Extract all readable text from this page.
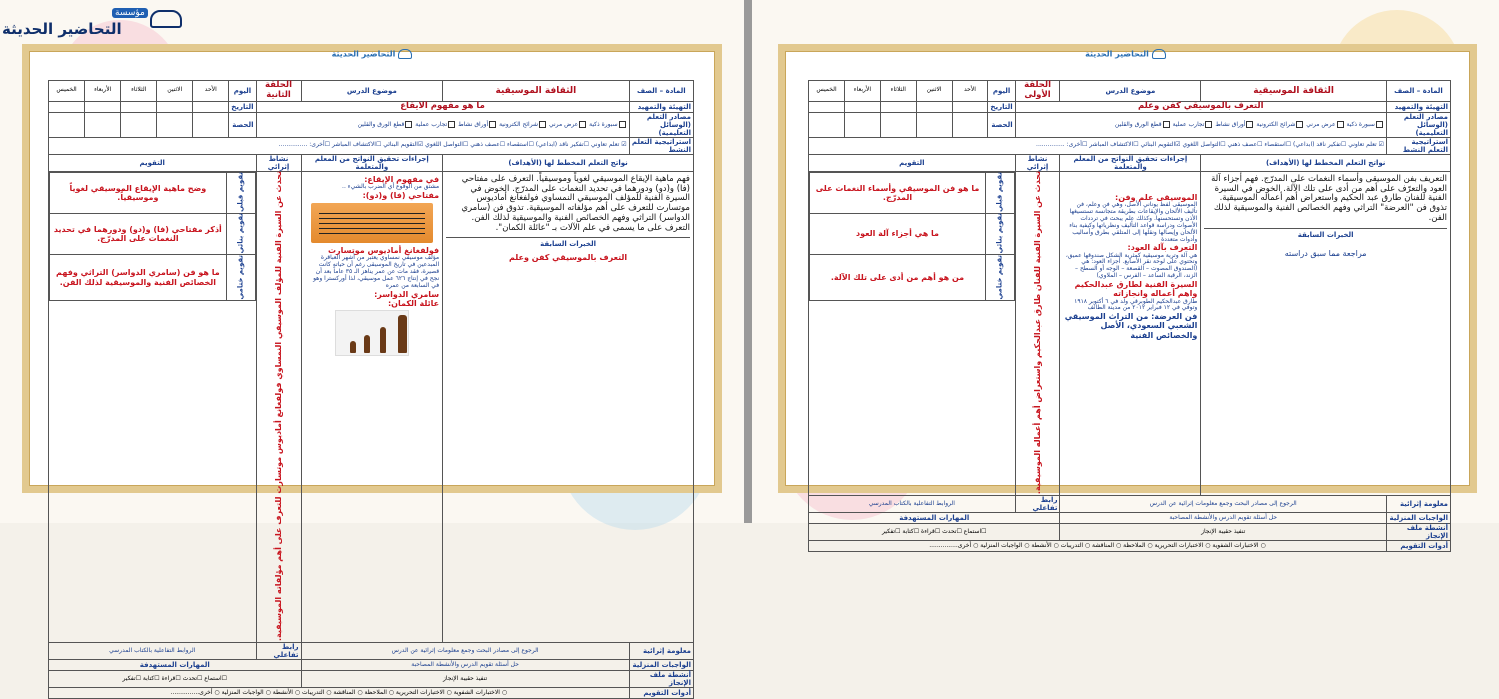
التحاضير الحديثة
مؤسسة
التحاضير الحديثة
المادة – الصف	الثقافة الموسيقية	موضوع الدرس	الحلقة الثانية	اليوم	الأحد	الاثنين	الثلاثاء	الأربعاء	الخميس
التهيئة والتمهيد	ما هو مفهوم الايقاع	التاريخ					
مصادر التعلم (الوسائل التعليمية)	سبورة ذكية عرض مرني شرائح الكترونية أوراق نشاط تجارب عملية قطع الورق والقلين	الحصة					
استراتيجية التعلم النشط	☑ تعلم تعاوني ☐تفكير ناقد (ابداعي) ☐استقصاء ☐عصف ذهني ☐التواصل اللغوي ☑التقويم البنائي ☐الاكتشاف المباشر ☐أخرى: ...............
نواتج التعلم المخطط لها (الأهداف)	إجراءات تحقيق النواتج من المعلم والمتعلمة	نشاط إثرائي	التقويم

فهم ماهية الإيقاع الموسيقي لغوياً وموسيقياً. التعرف على مفتاحي (فا) و(دو) ودورهما في تحديد النغمات على المدرّج. الخوض في السيرة الفنية للمؤلف الموسيقي النمساوي فولفغانغ أماديوس موتسارت للتعرف على أهم مؤلفاته الموسيقية. تذوق فن (سامري الدواسر) التراثي وفهم الخصائص الفنية والموسيقية لذلك الفن. التعرف على ما يسمى في علم الآلات بـ "عائلة الكمان".
الخبرات السابقة
التعرف بالموسيقي كفن وعلم

في مفهوم الإيقاع:
مشتق من الوقوع أي الضرب بالشيء ..
مفتاحي (فا) و(دو):
فولفغانغ أماديوس موتسارت
مؤلف موسيقي نمساوي يعتبر من أشهر العباقرة المبدعين في تاريخ الموسيقى رغم أن حياته كانت قصيرة، فقد مات عن عمر يناهز الـ ٣٥ عاماً بعد أن نجح في إنتاج ٦٢٦ عمل موسيقي، لذا أوركسترا وهو في السابعة من عمره
سامري الدواسر:
عائلة الكمان:
	تحدث عن السيرة الفنية للمؤلف الموسيقي النمساوي فولفغانغ أماديوس موتسارت للتعرف على أهم مؤلفاته الموسيقية.	
تقويم قبلي	وضح ماهية الإيقاع الموسيقي لغوياً وموسيقياً.
تقويم بنائي	أذكر مفتاحي (فا) و(دو) ودورهما في تحديد النغمات على المدرّج.
تقويم ختامي	ما هو فن (سامري الدواسر) التراثي وفهم الخصائص الفنية والموسيقية لذلك الفن.

معلومة إثرائية	الرجوع إلى مصادر البحث وجمع معلومات إثرائية عن الدرس	رابط تفاعلي	الروابط التفاعلية بالكتاب المدرسي
الواجبات المنزلية	حل أسئلة تقويم الدرس والأنشطة المصاحبة	المهارات المستهدفة
أنشطة ملف الإنجاز	تنفيذ حقيبة الإنجاز	☐استماع ☐تحدث ☐قراءة ☐كتابة ☐تفكير
أدوات التقويم	○ الاختبارات الشفوية ○ الاختبارات التحريرية ○ الملاحظة ○ المناقشة ○ التدريبات ○ الأنشطة ○ الواجبات المنزلية ○ أخرى...............
التحاضير الحديثة
المادة – الصف	الثقافة الموسيقية	موضوع الدرس	الحلقة الأولى	اليوم	الأحد	الاثنين	الثلاثاء	الأربعاء	الخميس
التهيئة والتمهيد	التعرف بالموسيقي كفن وعلم	التاريخ					
مصادر التعلم (الوسائل التعليمية)	سبورة ذكية عرض مرني شرائح الكترونية أوراق نشاط تجارب عملية قطع الورق والقلين	الحصة					
استراتيجية التعلم النشط	☑ تعلم تعاوني ☐تفكير ناقد (ابداعي) ☐استقصاء ☐عصف ذهني ☐التواصل اللغوي ☑التقويم البنائي ☐الاكتشاف المباشر ☐أخرى: ...............
نواتج التعلم المخطط لها (الأهداف)	إجراءات تحقيق النواتج من المعلم والمتعلمة	نشاط إثرائي	التقويم

التعريف بفن الموسيقى وأسماء النغمات على المدرّج. فهم أجزاء آلة العود والتعرّف على أهم من أدى على تلك الآلة. الخوض في السيرة الفنية للفنان طارق عبد الحكيم واستعراض أهم أعماله الموسيقية. تذوق فن "العرضة" التراثي وفهم الخصائص الفنية والموسيقية لذلك الفن.
الخبرات السابقة
مراجعة مما سبق دراسته

الموسيقى علم وفن:
الموسيقى لفظ يوناني الأصل، وهي فن وعلم، فن تأليف الألحان والإيقاعات بطريقة متجانسة تستسيغها الأذن وتستحسنها. وكذلك علم يبحث في ترددات الأصوات ودراسة قواعد التأليف ونظرياتها وكيفية بناء الألحان وإيصالها ونقلها إلى المتلقي بطرق وأساليب وأدوات متعددة
التعرف بآلة العود:
هي آلة وترية موسيقية كمثرية الشكل صندوقها عميق، وتحتوي على لوحة نقر الأصابع. أجزاء العود: هي (الصندوق المصوت – القصعة – الوجه أو السطح – الزند، الرقبة الساعد – الفرس – الملاوي)
السيرة الفنية لطارق عبدالحكيم واهم أعماله وانجازاته
طارق عبدالحكيم الطوبرقي ولد في ٦ أكتوبر ١٩١٨ وتوفي في ١٢ فبراير ٢٠١٢ من مدينة الطائف
فن العرضة: من التراث الموسيقي الشعبي السعودي، الأصل والخصائص الفنية
	تحدث عن السيرة الفنية للفنان طارق عبدالحكيم واستعراض أهم أعماله الموسيقية.	
تقويم قبلي	ما هو فن الموسيقي وأسماء النغمات على المدرّج.
تقويم بنائي	ما هي أجزاء آلة العود
تقويم ختامي	من هو أهم من أدى على تلك الآلة.

معلومة إثرائية	الرجوع إلى مصادر البحث وجمع معلومات إثرائية عن الدرس	رابط تفاعلي	الروابط التفاعلية بالكتاب المدرسي
الواجبات المنزلية	حل أسئلة تقويم الدرس والأنشطة المصاحبة	المهارات المستهدفة
أنشطة ملف الإنجاز	تنفيذ حقيبة الإنجاز	☐استماع ☐تحدث ☐قراءة ☐كتابة ☐تفكير
أدوات التقويم	○ الاختبارات الشفوية ○ الاختبارات التحريرية ○ الملاحظة ○ المناقشة ○ التدريبات ○ الأنشطة ○ الواجبات المنزلية ○ أخرى...............
